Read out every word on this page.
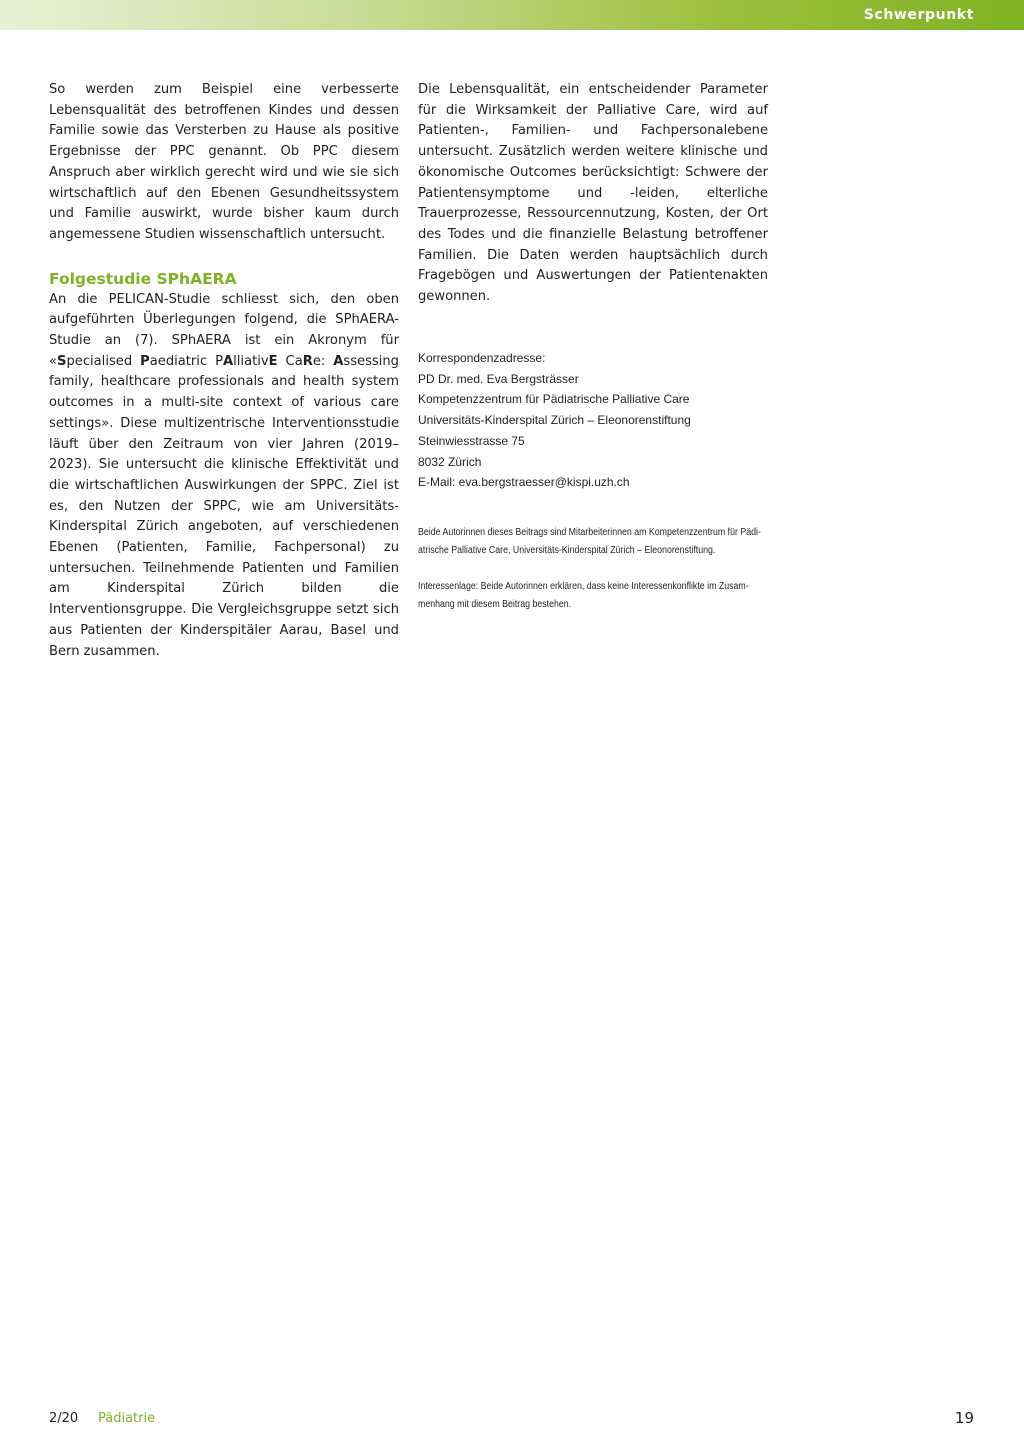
Schwerpunkt

So werden zum Beispiel eine verbesserte Lebensqualität des betroffenen Kindes und dessen Familie sowie das Versterben zu Hause als positive Ergebnisse der PPC genannt. Ob PPC diesem Anspruch aber wirklich gerecht wird und wie sie sich wirtschaftlich auf den Ebenen Gesundheitssystem und Familie auswirkt, wurde bisher kaum durch angemessene Studien wissenschaftlich untersucht.

Folgestudie SPhAERA

An die PELICAN-Studie schliesst sich, den oben aufgeführten Überlegungen folgend, die SPhAERA-Studie an (7). SPhAERA ist ein Akronym für «Specialised Paediatric PAlliativE CaRe: Assessing family, healthcare professionals and health system outcomes in a multi-site context of various care settings». Diese multizentrische Interventionsstudie läuft über den Zeitraum von vier Jahren (2019–2023). Sie untersucht die klinische Effektivität und die wirtschaftlichen Auswirkungen der SPPC. Ziel ist es, den Nutzen der SPPC, wie am Universitäts-Kinderspital Zürich angeboten, auf verschiedenen Ebenen (Patienten, Familie, Fachpersonal) zu untersuchen. Teilnehmende Patienten und Familien am Kinderspital Zürich bilden die Interventionsgruppe. Die Vergleichsgruppe setzt sich aus Patienten der Kinderspitäler Aarau, Basel und Bern zusammen.

Die Lebensqualität, ein entscheidender Parameter für die Wirksamkeit der Palliative Care, wird auf Patienten-, Familien- und Fachpersonalebene untersucht. Zusätzlich werden weitere klinische und ökonomische Outcomes berücksichtigt: Schwere der Patientensymptome und -leiden, elterliche Trauerprozesse, Ressourcennutzung, Kosten, der Ort des Todes und die finanzielle Belastung betroffener Familien. Die Daten werden hauptsächlich durch Fragebögen und Auswertungen der Patientenakten gewonnen.

Korrespondenzadresse:
PD Dr. med. Eva Bergsträsser
Kompetenzzentrum für Pädiatrische Palliative Care
Universitäts-Kinderspital Zürich – Eleonorenstiftung
Steinwiesstrasse 75
8032 Zürich
E-Mail: eva.bergstraesser@kispi.uzh.ch
Beide Autorinnen dieses Beitrags sind Mitarbeiterinnen am Kompetenzzentrum für Pädi-
atrische Palliative Care, Universitäts-Kinderspital Zürich – Eleonorenstiftung.
Interessenlage: Beide Autorinnen erklären, dass keine Interessenkonflikte im Zusam-
menhang mit diesem Beitrag bestehen.
2/20 Pädiatrie	19
